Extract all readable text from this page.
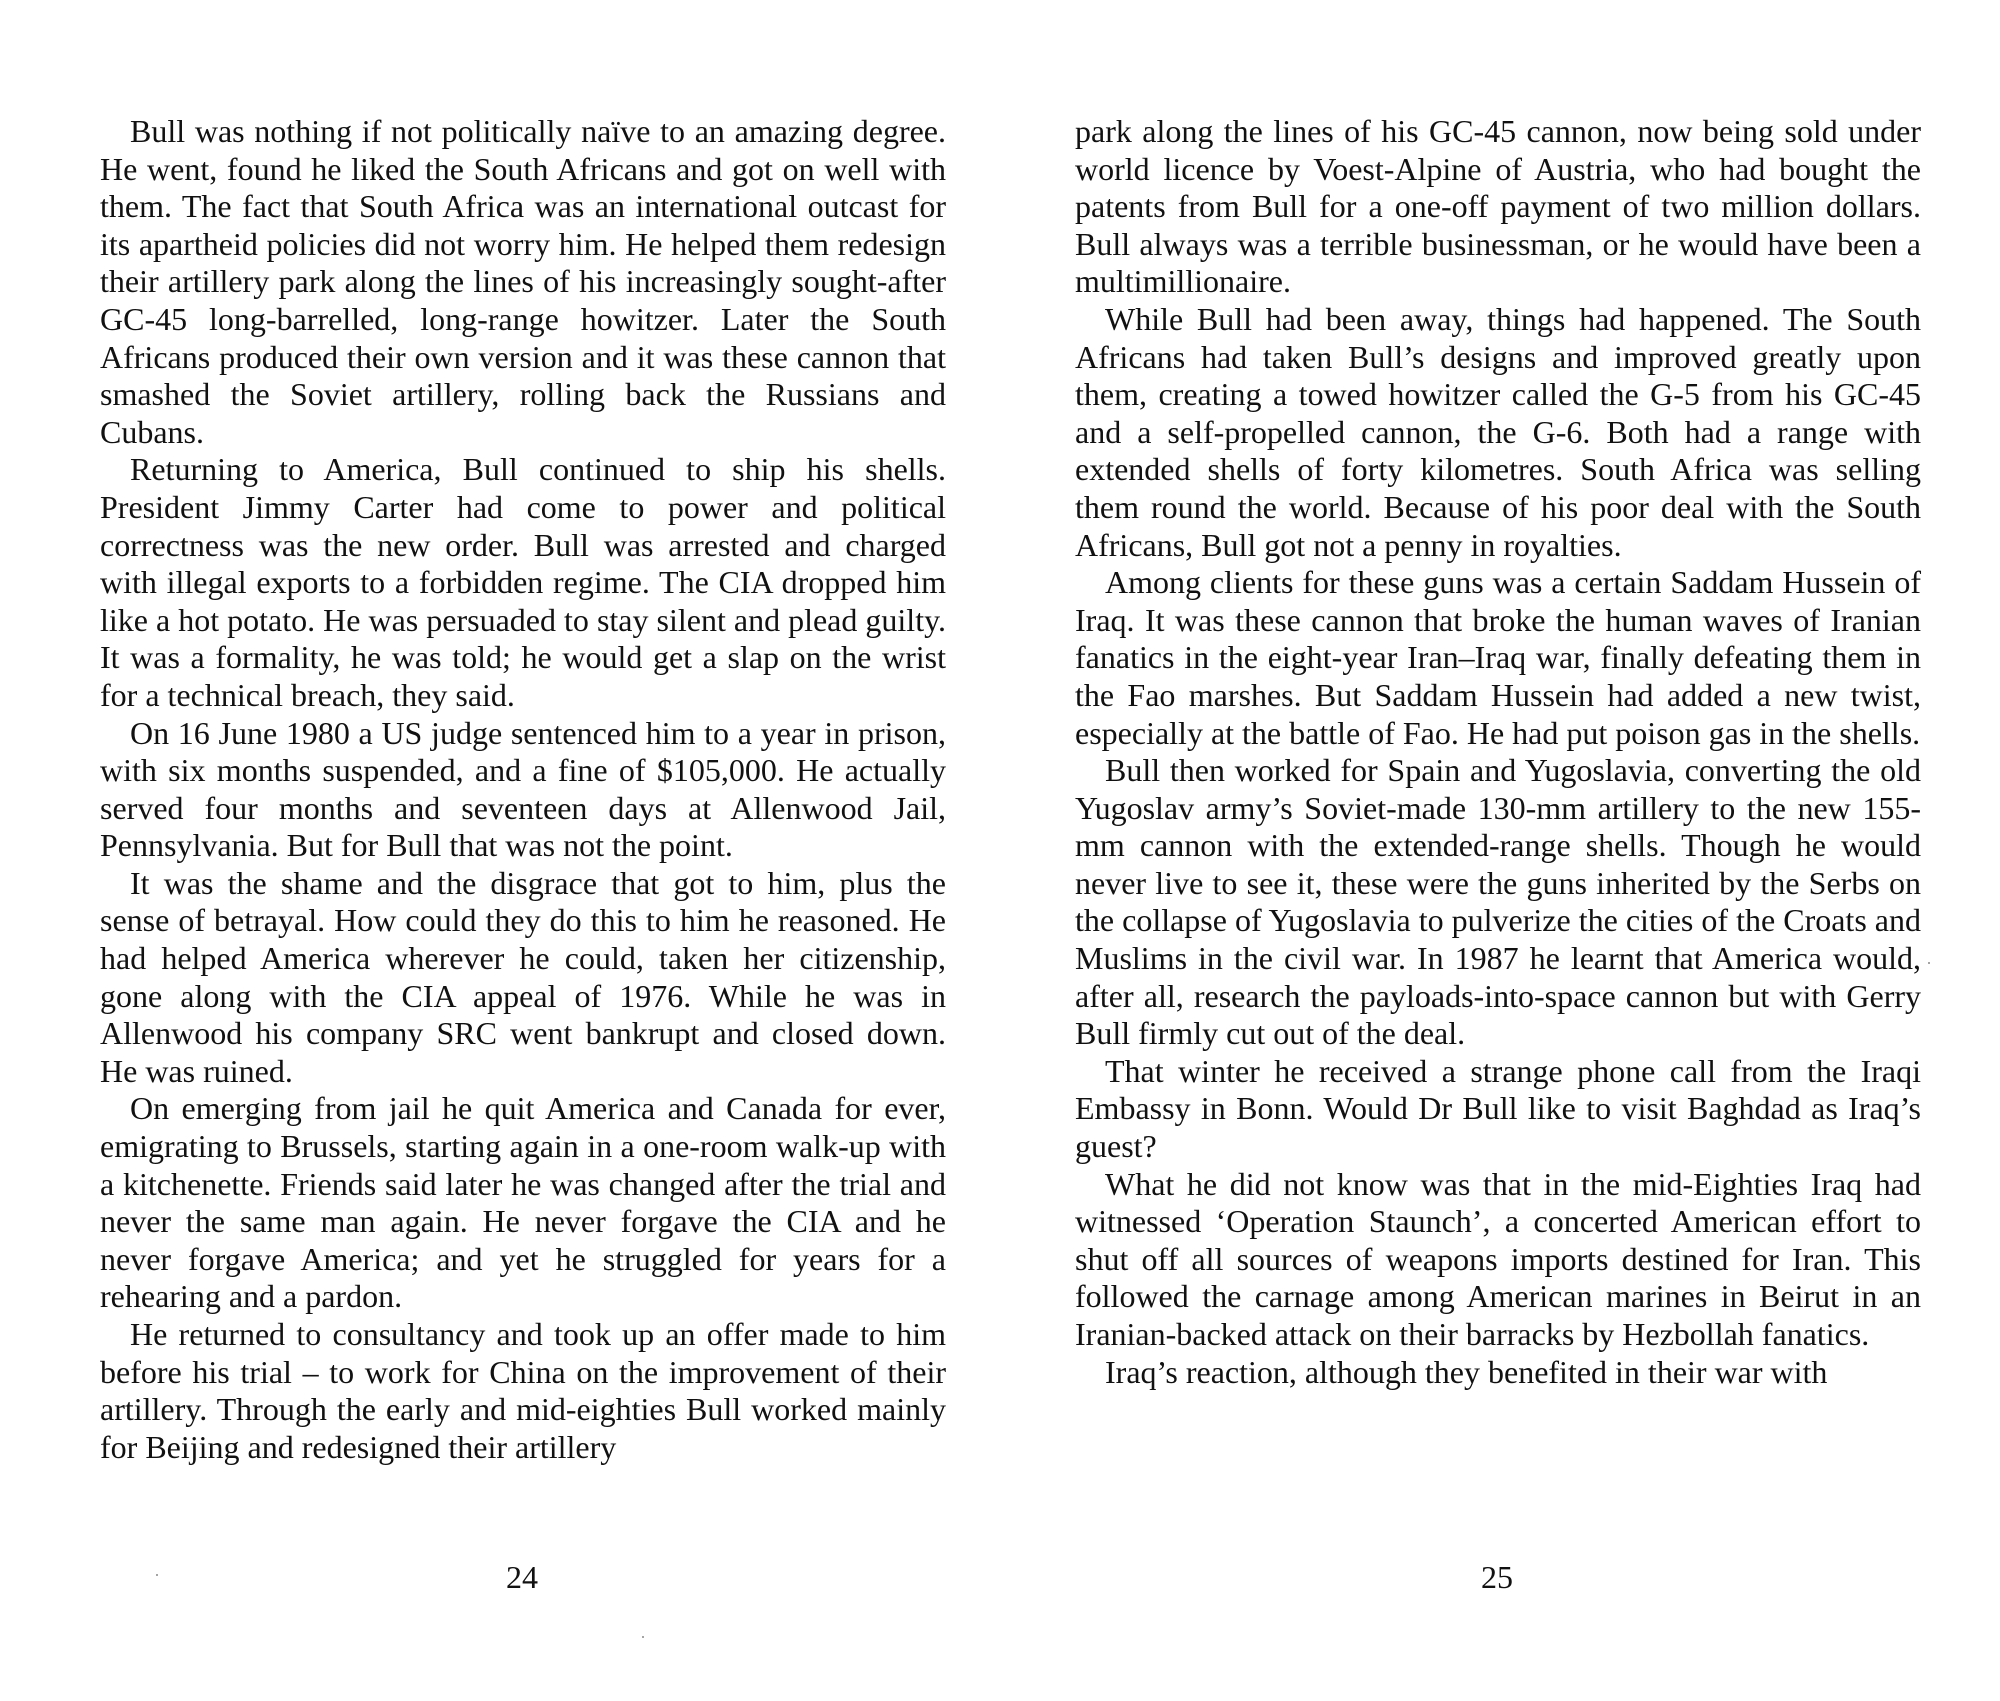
Bull was nothing if not politically naïve to an amazing degree. He went, found he liked the South Africans and got on well with them. The fact that South Africa was an international outcast for its apartheid policies did not worry him. He helped them redesign their artillery park along the lines of his increasingly sought-after GC-45 long-barrelled, long-range howitzer. Later the South Africans produced their own version and it was these cannon that smashed the Soviet artillery, rolling back the Russians and Cubans.

Returning to America, Bull continued to ship his shells. President Jimmy Carter had come to power and political correctness was the new order. Bull was arrested and charged with illegal exports to a forbidden regime. The CIA dropped him like a hot potato. He was persuaded to stay silent and plead guilty. It was a formality, he was told; he would get a slap on the wrist for a technical breach, they said.

On 16 June 1980 a US judge sentenced him to a year in prison, with six months suspended, and a fine of $105,000. He actually served four months and seventeen days at Allenwood Jail, Pennsylvania. But for Bull that was not the point.

It was the shame and the disgrace that got to him, plus the sense of betrayal. How could they do this to him he reasoned. He had helped America wherever he could, taken her citizenship, gone along with the CIA appeal of 1976. While he was in Allenwood his company SRC went bankrupt and closed down. He was ruined.

On emerging from jail he quit America and Canada for ever, emigrating to Brussels, starting again in a one-room walk-up with a kitchenette. Friends said later he was changed after the trial and never the same man again. He never forgave the CIA and he never forgave America; and yet he struggled for years for a rehearing and a pardon.

He returned to consultancy and took up an offer made to him before his trial – to work for China on the improvement of their artillery. Through the early and mid-eighties Bull worked mainly for Beijing and redesigned their artillery

park along the lines of his GC-45 cannon, now being sold under world licence by Voest-Alpine of Austria, who had bought the patents from Bull for a one-off payment of two million dollars. Bull always was a terrible businessman, or he would have been a multimillionaire.

While Bull had been away, things had happened. The South Africans had taken Bull’s designs and improved greatly upon them, creating a towed howitzer called the G-5 from his GC-45 and a self-propelled cannon, the G-6. Both had a range with extended shells of forty kilometres. South Africa was selling them round the world. Because of his poor deal with the South Africans, Bull got not a penny in royalties.

Among clients for these guns was a certain Saddam Hussein of Iraq. It was these cannon that broke the human waves of Iranian fanatics in the eight-year Iran–Iraq war, finally defeating them in the Fao marshes. But Saddam Hussein had added a new twist, especially at the battle of Fao. He had put poison gas in the shells.

Bull then worked for Spain and Yugoslavia, converting the old Yugoslav army’s Soviet-made 130-mm artillery to the new 155-mm cannon with the extended-range shells. Though he would never live to see it, these were the guns inherited by the Serbs on the collapse of Yugoslavia to pulverize the cities of the Croats and Muslims in the civil war. In 1987 he learnt that America would, after all, research the payloads-into-space cannon but with Gerry Bull firmly cut out of the deal.

That winter he received a strange phone call from the Iraqi Embassy in Bonn. Would Dr Bull like to visit Baghdad as Iraq’s guest?

What he did not know was that in the mid-Eighties Iraq had witnessed ‘Operation Staunch’, a concerted American effort to shut off all sources of weapons imports destined for Iran. This followed the carnage among American marines in Beirut in an Iranian-backed attack on their barracks by Hezbollah fanatics.

Iraq’s reaction, although they benefited in their war with

24	25
